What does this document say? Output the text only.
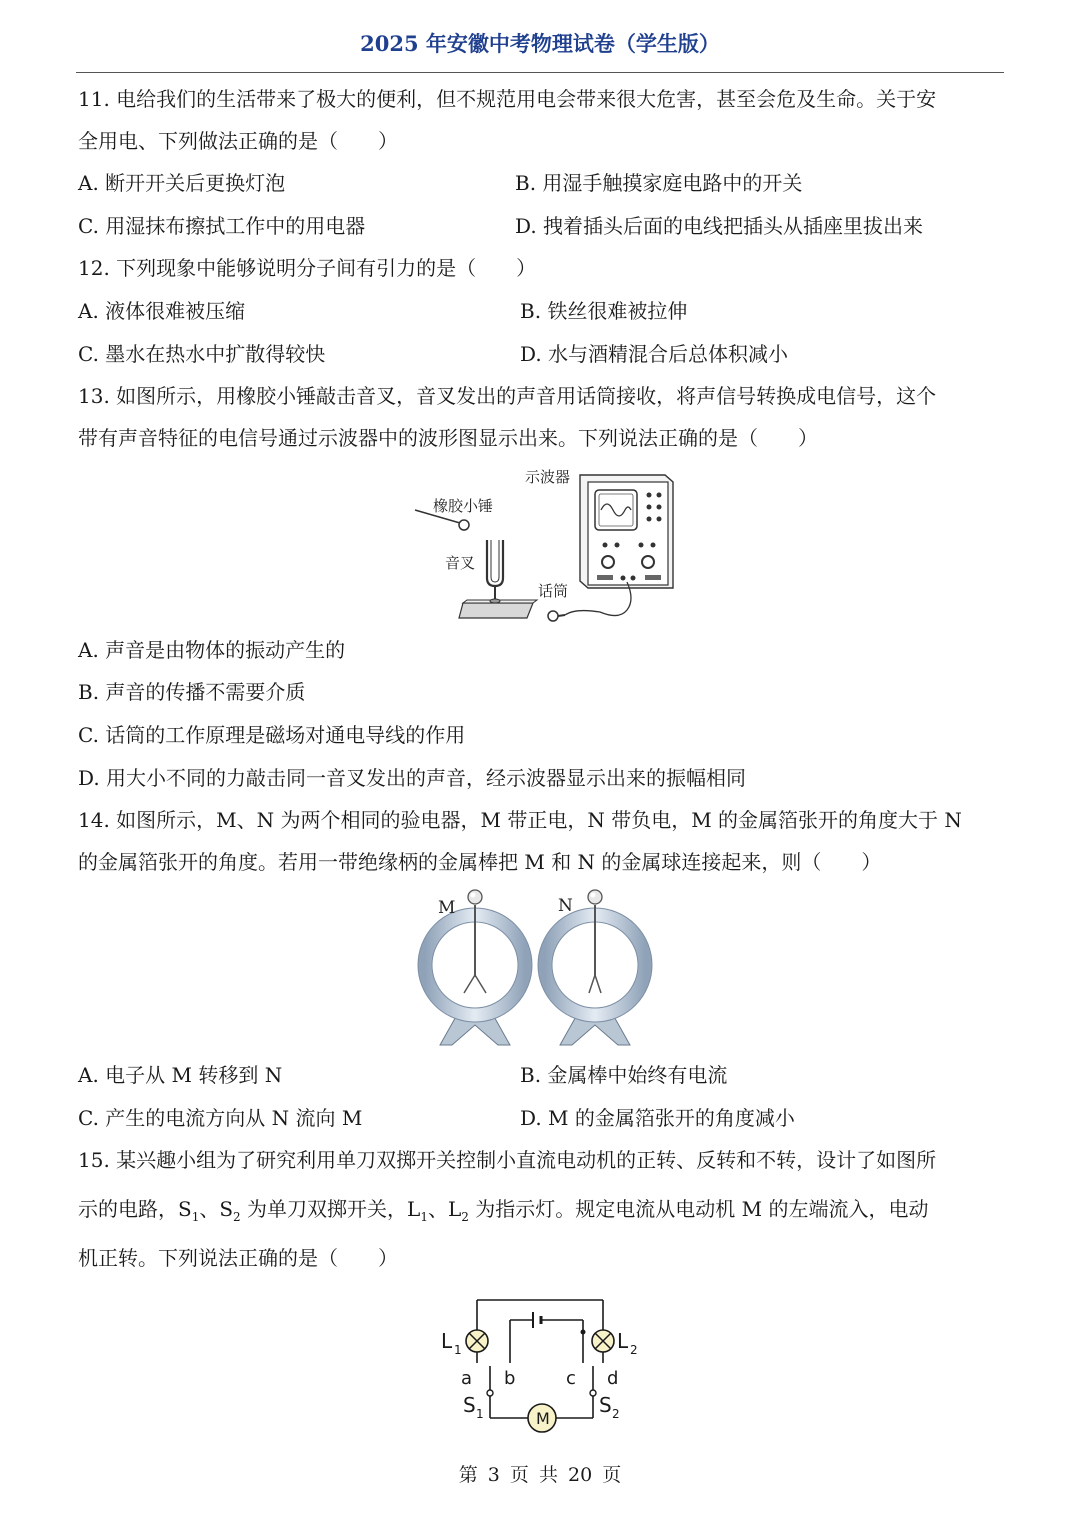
2025 年安徽中考物理试卷（学生版）
11. 电给我们的生活带来了极大的便利，但不规范用电会带来很大危害，甚至会危及生命。关于安
全用电、下列做法正确的是（　　）
A. 断开开关后更换灯泡	B. 用湿手触摸家庭电路中的开关
C. 用湿抹布擦拭工作中的用电器	D. 拽着插头后面的电线把插头从插座里拔出来
12. 下列现象中能够说明分子间有引力的是（　　）
A. 液体很难被压缩	B. 铁丝很难被拉伸
C. 墨水在热水中扩散得较快	D. 水与酒精混合后总体积减小
13. 如图所示，用橡胶小锤敲击音叉，音叉发出的声音用话筒接收，将声信号转换成电信号，这个
带有声音特征的电信号通过示波器中的波形图显示出来。下列说法正确的是（　　）
橡胶小锤
音叉
示波器
话筒
A. 声音是由物体的振动产生的
B. 声音的传播不需要介质
C. 话筒的工作原理是磁场对通电导线的作用
D. 用大小不同的力敲击同一音叉发出的声音，经示波器显示出来的振幅相同
14. 如图所示，M、N 为两个相同的验电器，M 带正电，N 带负电，M 的金属箔张开的角度大于 N
的金属箔张开的角度。若用一带绝缘柄的金属棒把 M 和 N 的金属球连接起来，则（　　）
M	N
A. 电子从 M 转移到 N	B. 金属棒中始终有电流
C. 产生的电流方向从 N 流向 M	D. M 的金属箔张开的角度减小
15. 某兴趣小组为了研究利用单刀双掷开关控制小直流电动机的正转、反转和不转，设计了如图所
示的电路，$S_1$、$S_2$ 为单刀双掷开关，$L_1$、$L_2$ 为指示灯。规定电流从电动机 M 的左端流入，电动
机正转。下列说法正确的是（　　）
M
L 1	L 2
a b	c d
S 1	S 2
第 3 页 共 20 页
